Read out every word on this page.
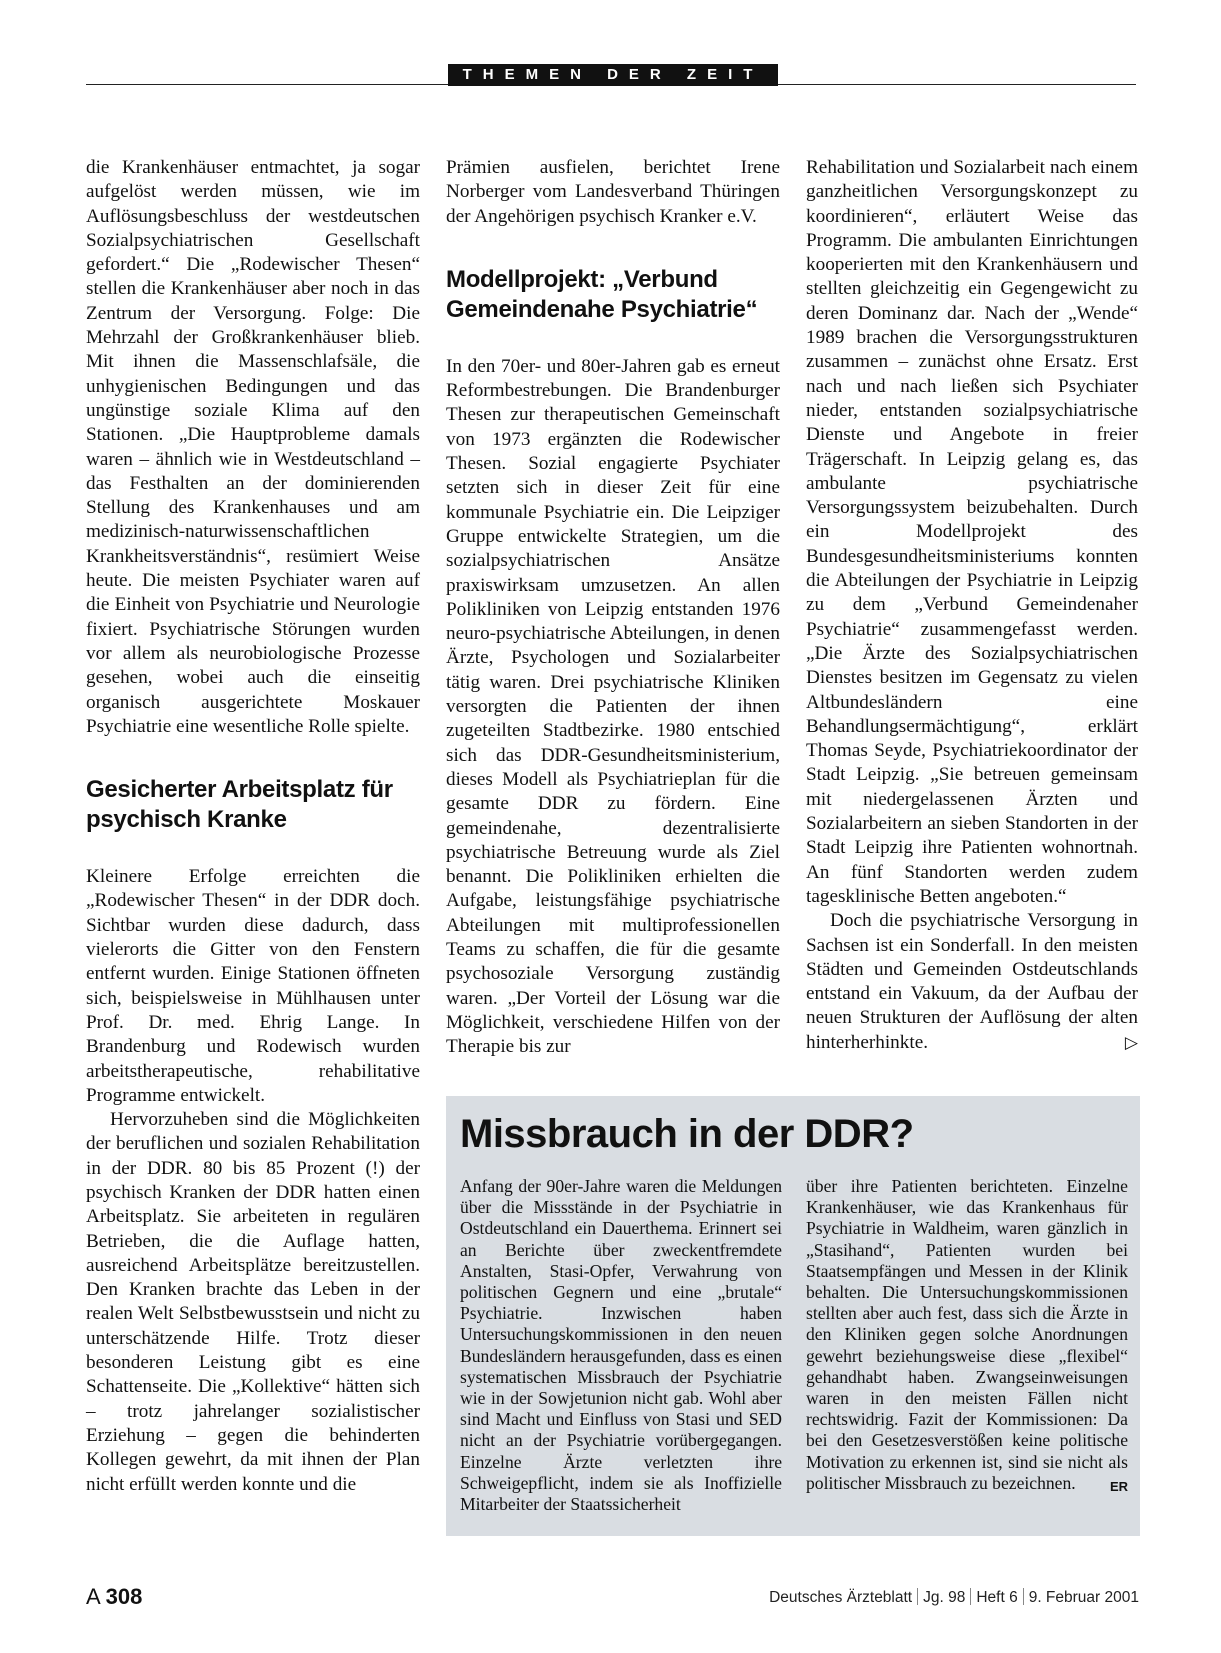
THEMEN DER ZEIT

die Krankenhäuser entmachtet, ja sogar aufgelöst werden müssen, wie im Auflösungsbeschluss der westdeutschen Sozialpsychiatrischen Gesellschaft gefordert.“ Die „Rodewischer Thesen“ stellen die Krankenhäuser aber noch in das Zentrum der Versorgung. Folge: Die Mehrzahl der Großkrankenhäuser blieb. Mit ihnen die Massenschlafsäle, die unhygienischen Bedingungen und das ungünstige soziale Klima auf den Stationen. „Die Hauptprobleme damals waren – ähnlich wie in Westdeutschland – das Festhalten an der dominierenden Stellung des Krankenhauses und am medizinisch-naturwissenschaftlichen Krankheitsverständnis“, resümiert Weise heute. Die meisten Psychiater waren auf die Einheit von Psychiatrie und Neurologie fixiert. Psychiatrische Störungen wurden vor allem als neurobiologische Prozesse gesehen, wobei auch die einseitig organisch ausgerichtete Moskauer Psychiatrie eine wesentliche Rolle spielte.

Gesicherter Arbeitsplatz für psychisch Kranke

Kleinere Erfolge erreichten die „Rodewischer Thesen“ in der DDR doch. Sichtbar wurden diese dadurch, dass vielerorts die Gitter von den Fenstern entfernt wurden. Einige Stationen öffneten sich, beispielsweise in Mühlhausen unter Prof. Dr. med. Ehrig Lange. In Brandenburg und Rodewisch wurden arbeitstherapeutische, rehabilitative Programme entwickelt.

Hervorzuheben sind die Möglichkeiten der beruflichen und sozialen Rehabilitation in der DDR. 80 bis 85 Prozent (!) der psychisch Kranken der DDR hatten einen Arbeitsplatz. Sie arbeiteten in regulären Betrieben, die die Auflage hatten, ausreichend Arbeitsplätze bereitzustellen. Den Kranken brachte das Leben in der realen Welt Selbstbewusstsein und nicht zu unterschätzende Hilfe. Trotz dieser besonderen Leistung gibt es eine Schattenseite. Die „Kollektive“ hätten sich – trotz jahrelanger sozialistischer Erziehung – gegen die behinderten Kollegen gewehrt, da mit ihnen der Plan nicht erfüllt werden konnte und die

Prämien ausfielen, berichtet Irene Norberger vom Landesverband Thüringen der Angehörigen psychisch Kranker e.V.

Modellprojekt: „Verbund Gemeindenahe Psychiatrie“

In den 70er- und 80er-Jahren gab es erneut Reformbestrebungen. Die Brandenburger Thesen zur therapeutischen Gemeinschaft von 1973 ergänzten die Rodewischer Thesen. Sozial engagierte Psychiater setzten sich in dieser Zeit für eine kommunale Psychiatrie ein. Die Leipziger Gruppe entwickelte Strategien, um die sozialpsychiatrischen Ansätze praxiswirksam umzusetzen. An allen Polikliniken von Leipzig entstanden 1976 neuro-psychiatrische Abteilungen, in denen Ärzte, Psychologen und Sozialarbeiter tätig waren. Drei psychiatrische Kliniken versorgten die Patienten der ihnen zugeteilten Stadtbezirke. 1980 entschied sich das DDR-Gesundheitsministerium, dieses Modell als Psychiatrieplan für die gesamte DDR zu fördern. Eine gemeindenahe, dezentralisierte psychiatrische Betreuung wurde als Ziel benannt. Die Polikliniken erhielten die Aufgabe, leistungsfähige psychiatrische Abteilungen mit multiprofessionellen Teams zu schaffen, die für die gesamte psychosoziale Versorgung zuständig waren. „Der Vorteil der Lösung war die Möglichkeit, verschiedene Hilfen von der Therapie bis zur

Rehabilitation und Sozialarbeit nach einem ganzheitlichen Versorgungskonzept zu koordinieren“, erläutert Weise das Programm. Die ambulanten Einrichtungen kooperierten mit den Krankenhäusern und stellten gleichzeitig ein Gegengewicht zu deren Dominanz dar. Nach der „Wende“ 1989 brachen die Versorgungsstrukturen zusammen – zunächst ohne Ersatz. Erst nach und nach ließen sich Psychiater nieder, entstanden sozialpsychiatrische Dienste und Angebote in freier Trägerschaft. In Leipzig gelang es, das ambulante psychiatrische Versorgungssystem beizubehalten. Durch ein Modellprojekt des Bundesgesundheitsministeriums konnten die Abteilungen der Psychiatrie in Leipzig zu dem „Verbund Gemeindenaher Psychiatrie“ zusammengefasst werden. „Die Ärzte des Sozialpsychiatrischen Dienstes besitzen im Gegensatz zu vielen Altbundesländern eine Behandlungsermächtigung“, erklärt Thomas Seyde, Psychiatriekoordinator der Stadt Leipzig. „Sie betreuen gemeinsam mit niedergelassenen Ärzten und Sozialarbeitern an sieben Standorten in der Stadt Leipzig ihre Patienten wohnortnah. An fünf Standorten werden zudem tagesklinische Betten angeboten.“

Doch die psychiatrische Versorgung in Sachsen ist ein Sonderfall. In den meisten Städten und Gemeinden Ostdeutschlands entstand ein Vakuum, da der Aufbau der neuen Strukturen der Auflösung der alten hinterherhinkte.	▷

Missbrauch in der DDR?

Anfang der 90er-Jahre waren die Meldungen über die Missstände in der Psychiatrie in Ostdeutschland ein Dauerthema. Erinnert sei an Berichte über zweckentfremdete Anstalten, Stasi-Opfer, Verwahrung von politischen Gegnern und eine „brutale“ Psychiatrie. Inzwischen haben Untersuchungskommissionen in den neuen Bundesländern herausgefunden, dass es einen systematischen Missbrauch der Psychiatrie wie in der Sowjetunion nicht gab. Wohl aber sind Macht und Einfluss von Stasi und SED nicht an der Psychiatrie vorübergegangen. Einzelne Ärzte verletzten ihre Schweigepflicht, indem sie als Inoffizielle Mitarbeiter der Staatssicherheit

über ihre Patienten berichteten. Einzelne Krankenhäuser, wie das Krankenhaus für Psychiatrie in Waldheim, waren gänzlich in „Stasihand“, Patienten wurden bei Staatsempfängen und Messen in der Klinik behalten. Die Untersuchungskommissionen stellten aber auch fest, dass sich die Ärzte in den Kliniken gegen solche Anordnungen gewehrt beziehungsweise diese „flexibel“ gehandhabt haben. Zwangseinweisungen waren in den meisten Fällen nicht rechtswidrig. Fazit der Kommissionen: Da bei den Gesetzesverstößen keine politische Motivation zu erkennen ist, sind sie nicht als politischer Missbrauch zu bezeichnen.	ER

A 308	Deutsches Ärzteblatt Jg. 98 Heft 6 9. Februar 2001
